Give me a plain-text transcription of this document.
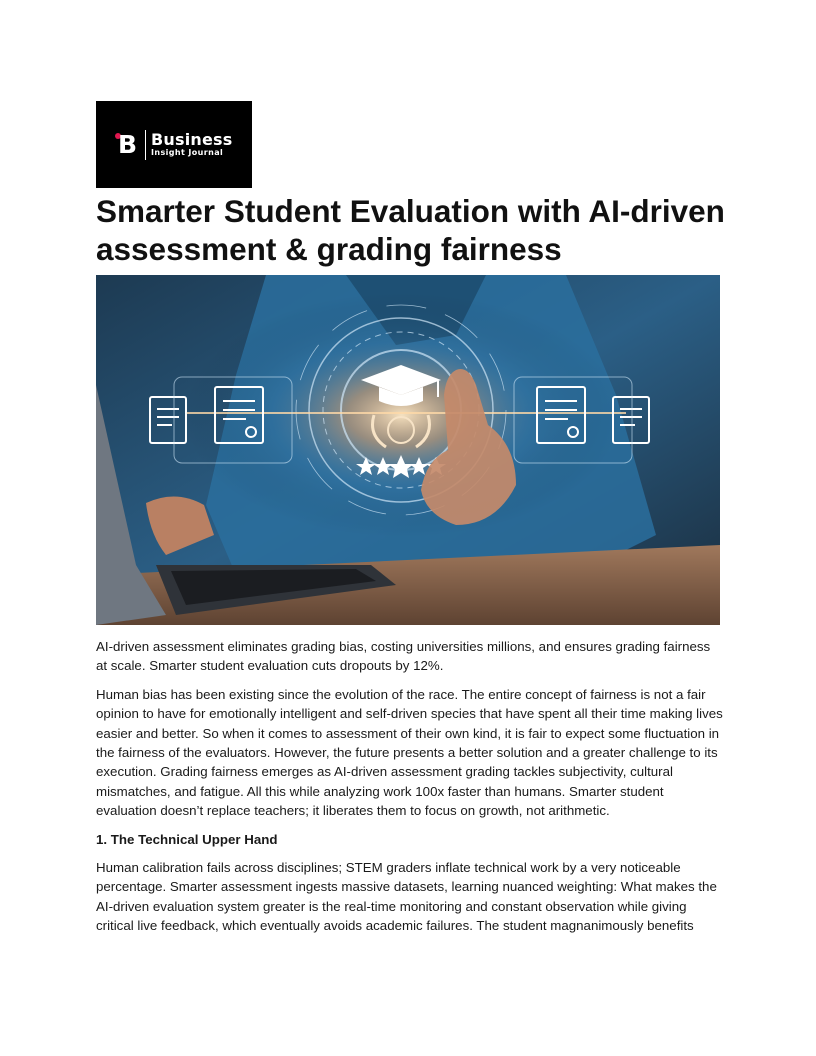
B Business
Insight Journal
Smarter Student Evaluation with AI-driven assessment & grading fairness

AI-driven assessment eliminates grading bias, costing universities millions, and ensures grading fairness at scale. Smarter student evaluation cuts dropouts by 12%.

Human bias has been existing since the evolution of the race. The entire concept of fairness is not a fair opinion to have for emotionally intelligent and self-driven species that have spent all their time making lives easier and better. So when it comes to assessment of their own kind, it is fair to expect some fluctuation in the fairness of the evaluators. However, the future presents a better solution and a greater challenge to its execution. Grading fairness emerges as AI-driven assessment grading tackles subjectivity, cultural mismatches, and fatigue. All this while analyzing work 100x faster than humans. Smarter student evaluation doesn’t replace teachers; it liberates them to focus on growth, not arithmetic.

1. The Technical Upper Hand

Human calibration fails across disciplines; STEM graders inflate technical work by a very noticeable percentage. Smarter assessment ingests massive datasets, learning nuanced weighting: What makes the AI-driven evaluation system greater is the real-time monitoring and constant observation while giving critical live feedback, which eventually avoids academic failures. The student magnanimously benefits
